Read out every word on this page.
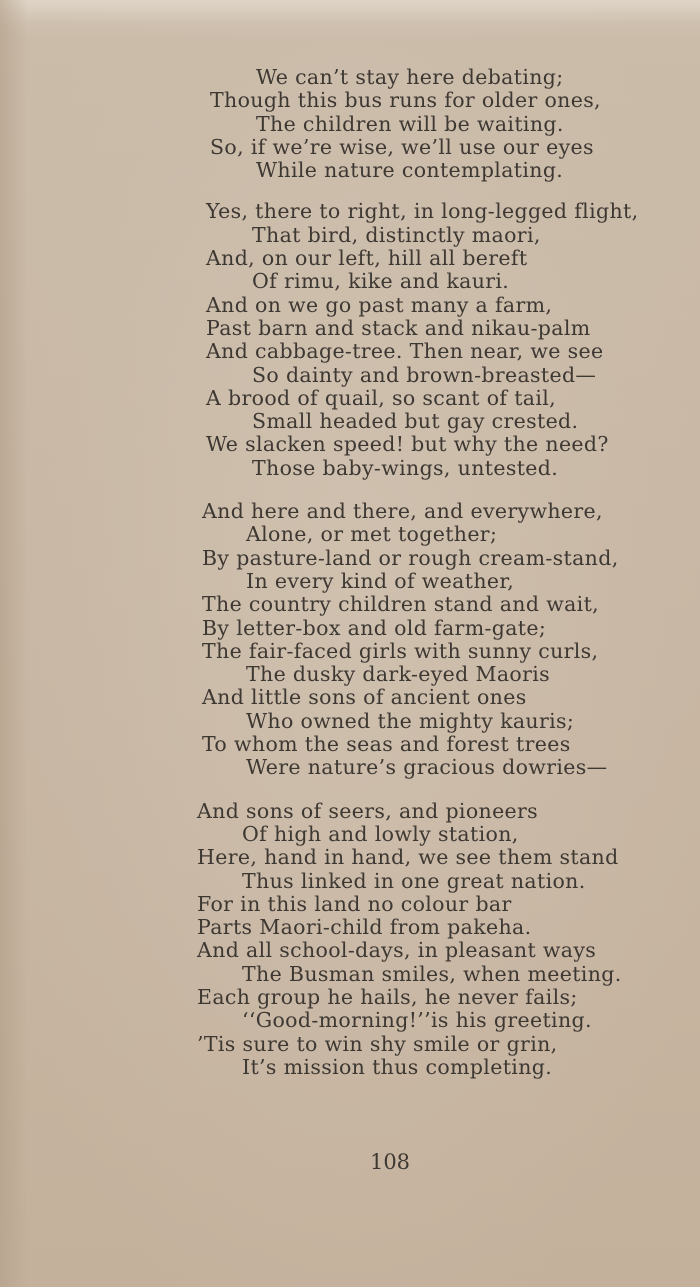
We can’t stay here debating;
Though this bus runs for older ones,
The children will be waiting.
So, if we’re wise, we’ll use our eyes
While nature contemplating.
Yes, there to right, in long-legged flight,
That bird, distinctly maori,
And, on our left, hill all bereft
Of rimu, kike and kauri.
And on we go past many a farm,
Past barn and stack and nikau-palm
And cabbage-tree. Then near, we see
So dainty and brown-breasted—
A brood of quail, so scant of tail,
Small headed but gay crested.
We slacken speed! but why the need?
Those baby-wings, untested.
And here and there, and everywhere,
Alone, or met together;
By pasture-land or rough cream-stand,
In every kind of weather,
The country children stand and wait,
By letter-box and old farm-gate;
The fair-faced girls with sunny curls,
The dusky dark-eyed Maoris
And little sons of ancient ones
Who owned the mighty kauris;
To whom the seas and forest trees
Were nature’s gracious dowries—
And sons of seers, and pioneers
Of high and lowly station,
Here, hand in hand, we see them stand
Thus linked in one great nation.
For in this land no colour bar
Parts Maori-child from pakeha.
And all school-days, in pleasant ways
The Busman smiles, when meeting.
Each group he hails, he never fails;
‘‘Good-morning!’’is his greeting.
’Tis sure to win shy smile or grin,
It’s mission thus completing.
108
